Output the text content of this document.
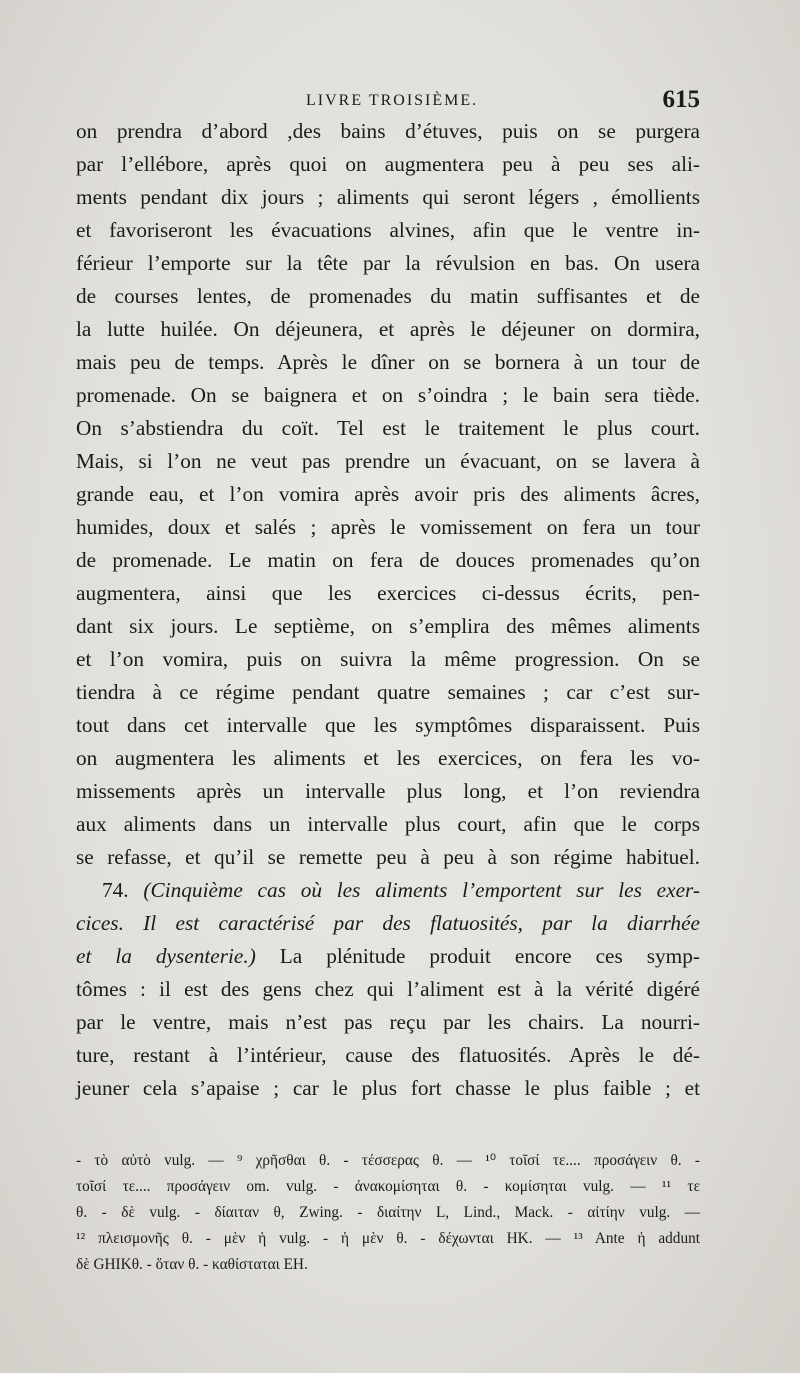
LIVRE TROISIÈME.	615
on prendra d’abord ,des bains d’étuves, puis on se purgera
par l’ellébore, après quoi on augmentera peu à peu ses ali-
ments pendant dix jours ; aliments qui seront légers , émollients
et favoriseront les évacuations alvines, afin que le ventre in-
férieur l’emporte sur la tête par la révulsion en bas. On usera
de courses lentes, de promenades du matin suffisantes et de
la lutte huilée. On déjeunera, et après le déjeuner on dormira,
mais peu de temps. Après le dîner on se bornera à un tour de
promenade. On se baignera et on s’oindra ; le bain sera tiède.
On s’abstiendra du coït. Tel est le traitement le plus court.
Mais, si l’on ne veut pas prendre un évacuant, on se lavera à
grande eau, et l’on vomira après avoir pris des aliments âcres,
humides, doux et salés ; après le vomissement on fera un tour
de promenade. Le matin on fera de douces promenades qu’on
augmentera, ainsi que les exercices ci-dessus écrits, pen-
dant six jours. Le septième, on s’emplira des mêmes aliments
et l’on vomira, puis on suivra la même progression. On se
tiendra à ce régime pendant quatre semaines ; car c’est sur-
tout dans cet intervalle que les symptômes disparaissent. Puis
on augmentera les aliments et les exercices, on fera les vo-
missements après un intervalle plus long, et l’on reviendra
aux aliments dans un intervalle plus court, afin que le corps
se refasse, et qu’il se remette peu à peu à son régime habituel.
74. (Cinquième cas où les aliments l’emportent sur les exer-
cices. Il est caractérisé par des flatuosités, par la diarrhée
et la dysenterie.) La plénitude produit encore ces symp-
tômes : il est des gens chez qui l’aliment est à la vérité digéré
par le ventre, mais n’est pas reçu par les chairs. La nourri-
ture, restant à l’intérieur, cause des flatuosités. Après le dé-
jeuner cela s’apaise ; car le plus fort chasse le plus faible ; et
- τὸ αὐτὸ vulg. — ⁹ χρῆσθαι θ. - τέσσερας θ. — ¹⁰ τοῖσί τε.... προσάγειν θ. -
τοῖσί τε.... προσάγειν om. vulg. - ἀνακομίσηται θ. - κομίσηται vulg. — ¹¹ τε
θ. - δὲ vulg. - δίαιταν θ, Zwing. - διαίτην L, Lind., Mack. - αἰτίην vulg. —
¹² πλεισμονῆς θ. - μὲν ἡ vulg. - ἡ μὲν θ. - δέχωνται HK. — ¹³ Ante ἡ addunt
δὲ GHIKθ. - ὅταν θ. - καθίσταται EH.
